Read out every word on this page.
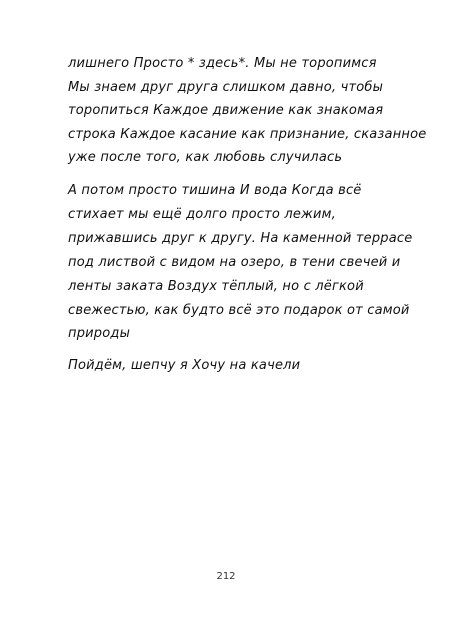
лишнего Просто * здесь*. Мы не торопимся
Мы знаем друг друга слишком давно, чтобы
торопиться Каждое движение как знакомая
строка Каждое касание как признание, сказанное
уже после того, как любовь случилась
А потом просто тишина И вода Когда всё
стихает мы ещё долго просто лежим,
прижавшись друг к другу. На каменной террасе
под листвой с видом на озеро, в тени свечей и
ленты заката Воздух тёплый, но с лёгкой
свежестью, как будто всё это подарок от самой
природы
Пойдём, шепчу я Хочу на качели
212
